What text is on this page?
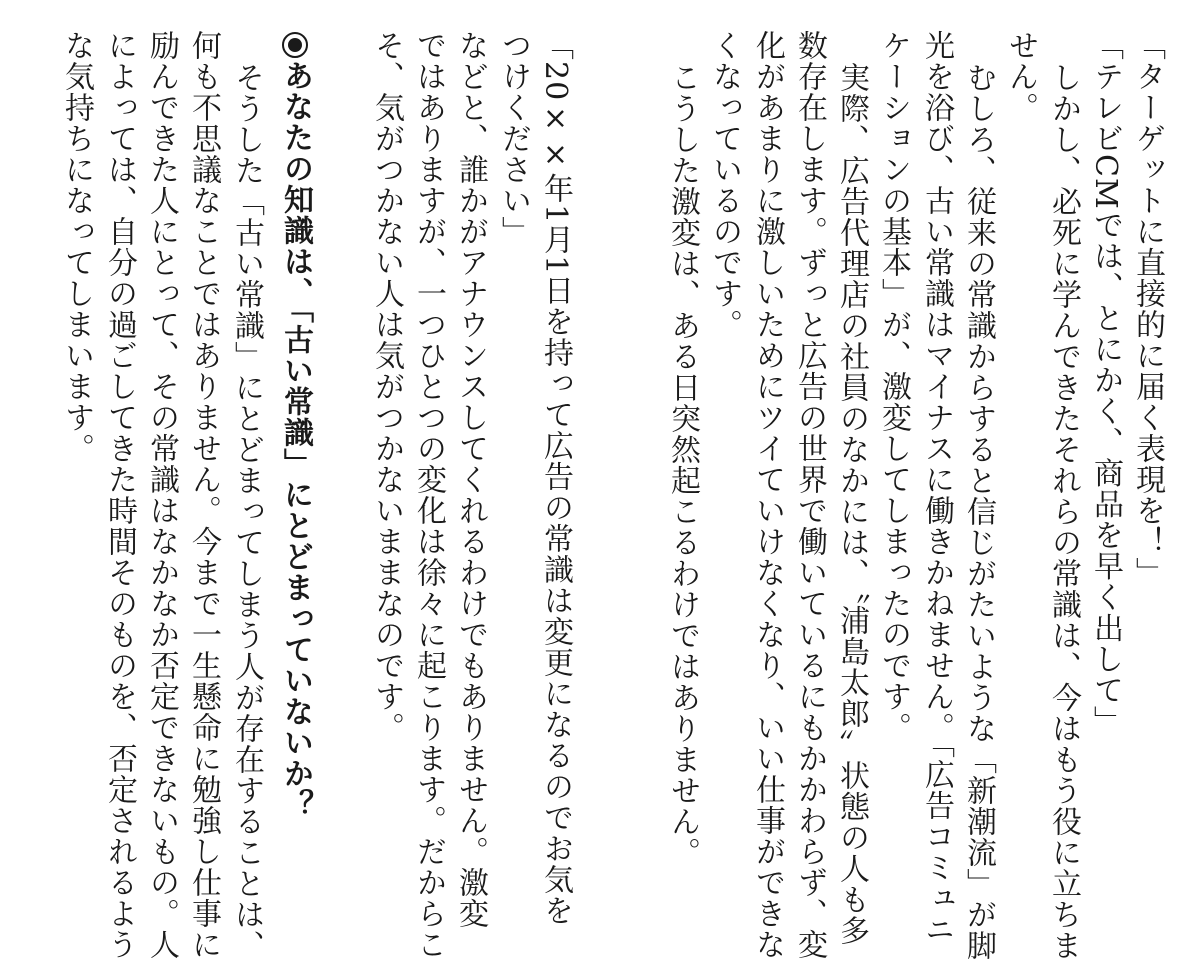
「ターゲットに直接的に届く表現を！」
「テレビCMでは、とにかく、商品を早く出して」
しかし、必死に学んできたそれらの常識は、今はもう役に立ちま
せん。
むしろ、従来の常識からすると信じがたいような「新潮流」が脚
光を浴び、古い常識はマイナスに働きかねません。「広告コミュニ
ケーションの基本」が、激変してしまったのです。
実際、広告代理店の社員のなかには、〝浦島太郎〟状態の人も多
数存在します。ずっと広告の世界で働いているにもかかわらず、変
化があまりに激しいためにツイていけなくなり、いい仕事ができな
くなっているのです。
こうした激変は、ある日突然起こるわけではありません。
「20××年1月1日を持って広告の常識は変更になるのでお気を
つけください」
などと、誰かがアナウンスしてくれるわけでもありません。激変
ではありますが、一つひとつの変化は徐々に起こります。だからこ
そ、気がつかない人は気がつかないままなのです。
あなたの知識は、「古い常識」にとどまっていないか？
そうした「古い常識」にとどまってしまう人が存在することは、
何も不思議なことではありません。今まで一生懸命に勉強し仕事に
励んできた人にとって、その常識はなかなか否定できないもの。人
によっては、自分の過ごしてきた時間そのものを、否定されるよう
な気持ちになってしまいます。
